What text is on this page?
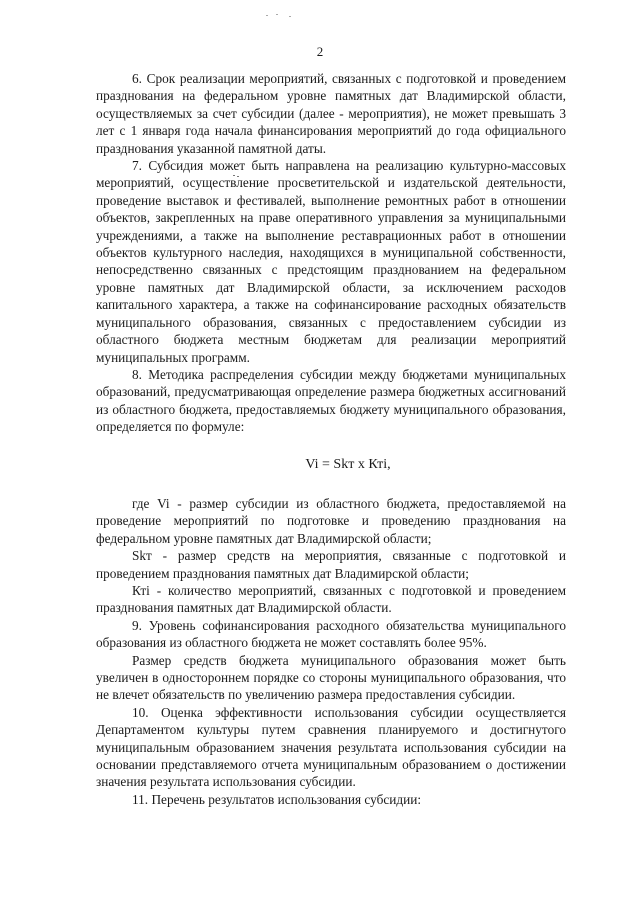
2

6. Срок реализации мероприятий, связанных с подготовкой и проведением празднования на федеральном уровне памятных дат Владимирской области, осуществляемых за счет субсидии (далее - мероприятия), не может превышать 3 лет с 1 января года начала финансирования мероприятий до года официального празднования указанной памятной даты.

7. Субсидия может быть направлена на реализацию культурно-массовых мероприятий, осуществление просветительской и издательской деятельности, проведение выставок и фестивалей, выполнение ремонтных работ в отношении объектов, закрепленных на праве оперативного управления за муниципальными учреждениями, а также на выполнение реставрационных работ в отношении объектов культурного наследия, находящихся в муниципальной собственности, непосредственно связанных с предстоящим празднованием на федеральном уровне памятных дат Владимирской области, за исключением расходов капитального характера, а также на софинансирование расходных обязательств муниципального образования, связанных с предоставлением субсидии из областного бюджета местным бюджетам для реализации мероприятий муниципальных программ.

8. Методика распределения субсидии между бюджетами муниципальных образований, предусматривающая определение размера бюджетных ассигнований из областного бюджета, предоставляемых бюджету муниципального образования, определяется по формуле:

Vi = Skт x Кті,

где Vi - размер субсидии из областного бюджета, предоставляемой на проведение мероприятий по подготовке и проведению празднования на федеральном уровне памятных дат Владимирской области;

Skт - размер средств на мероприятия, связанные с подготовкой и проведением празднования памятных дат Владимирской области;

Кті - количество мероприятий, связанных с подготовкой и проведением празднования памятных дат Владимирской области.

9. Уровень софинансирования расходного обязательства муниципального образования из областного бюджета не может составлять более 95%.

Размер средств бюджета муниципального образования может быть увеличен в одностороннем порядке со стороны муниципального образования, что не влечет обязательств по увеличению размера предоставления субсидии.

10. Оценка эффективности использования субсидии осуществляется Департаментом культуры путем сравнения планируемого и достигнутого муниципальным образованием значения результата использования субсидии на основании представляемого отчета муниципальным образованием о достижении значения результата использования субсидии.

11. Перечень результатов использования субсидии:
